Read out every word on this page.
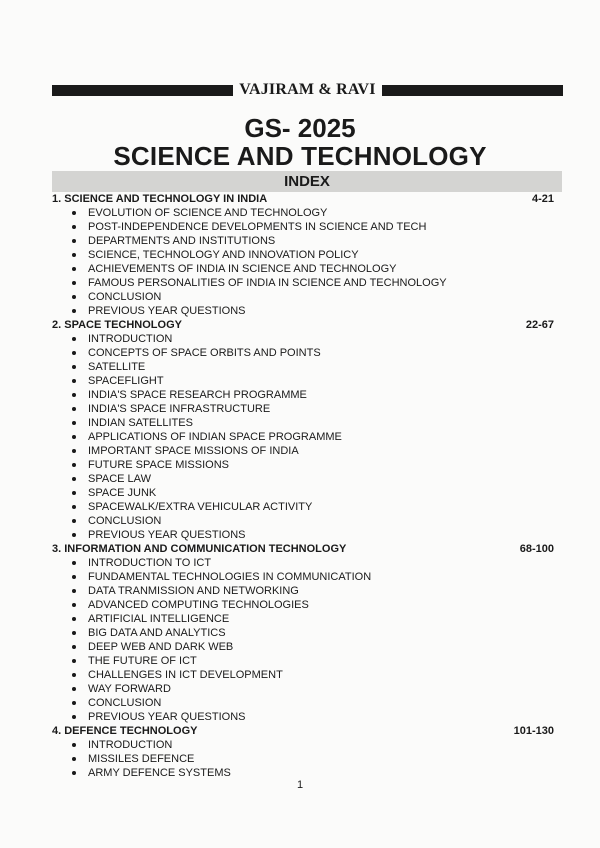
VAJIRAM & RAVI
GS- 2025
SCIENCE AND TECHNOLOGY
INDEX
1. SCIENCE AND TECHNOLOGY IN INDIA	4-21
EVOLUTION OF SCIENCE AND TECHNOLOGY
POST-INDEPENDENCE DEVELOPMENTS IN SCIENCE AND TECH
DEPARTMENTS AND INSTITUTIONS
SCIENCE, TECHNOLOGY AND INNOVATION POLICY
ACHIEVEMENTS OF INDIA IN SCIENCE AND TECHNOLOGY
FAMOUS PERSONALITIES OF INDIA IN SCIENCE AND TECHNOLOGY
CONCLUSION
PREVIOUS YEAR QUESTIONS
2. SPACE TECHNOLOGY	22-67
INTRODUCTION
CONCEPTS OF SPACE ORBITS AND POINTS
SATELLITE
SPACEFLIGHT
INDIA'S SPACE RESEARCH PROGRAMME
INDIA'S SPACE INFRASTRUCTURE
INDIAN SATELLITES
APPLICATIONS OF INDIAN SPACE PROGRAMME
IMPORTANT SPACE MISSIONS OF INDIA
FUTURE SPACE MISSIONS
SPACE LAW
SPACE JUNK
SPACEWALK/EXTRA VEHICULAR ACTIVITY
CONCLUSION
PREVIOUS YEAR QUESTIONS
3. INFORMATION AND COMMUNICATION TECHNOLOGY	68-100
INTRODUCTION TO ICT
FUNDAMENTAL TECHNOLOGIES IN COMMUNICATION
DATA TRANMISSION AND NETWORKING
ADVANCED COMPUTING TECHNOLOGIES
ARTIFICIAL INTELLIGENCE
BIG DATA AND ANALYTICS
DEEP WEB AND DARK WEB
THE FUTURE OF ICT
CHALLENGES IN ICT DEVELOPMENT
WAY FORWARD
CONCLUSION
PREVIOUS YEAR QUESTIONS
4. DEFENCE TECHNOLOGY	101-130
INTRODUCTION
MISSILES DEFENCE
ARMY DEFENCE SYSTEMS
1
